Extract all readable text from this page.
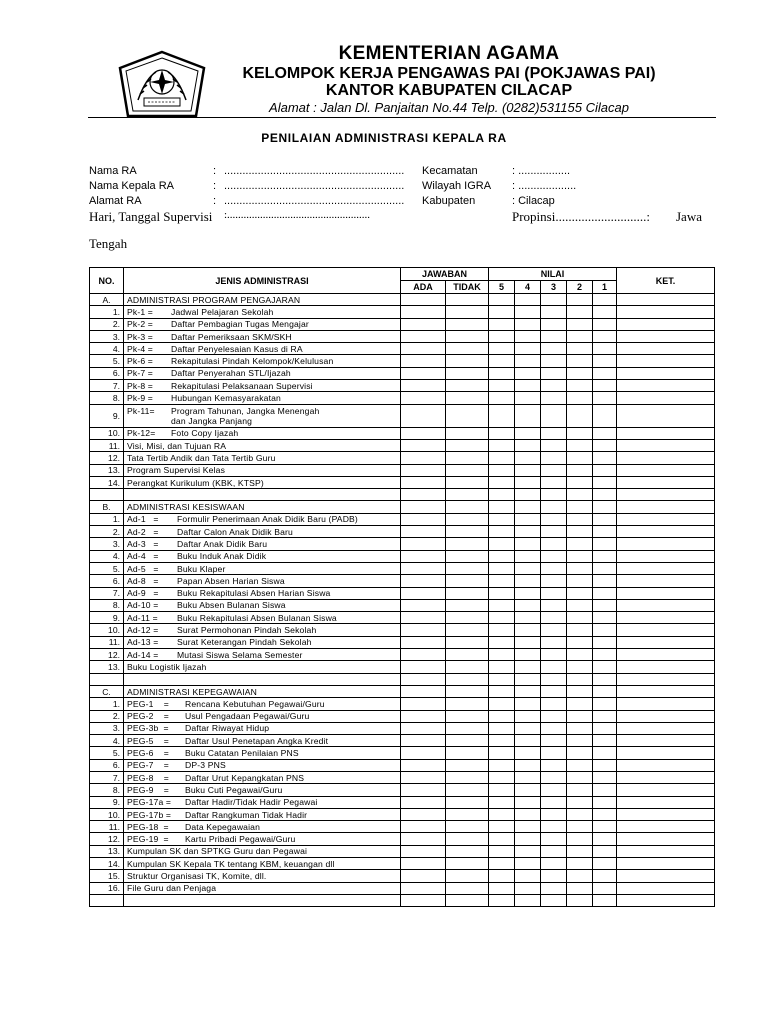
KEMENTERIAN AGAMA
KELOMPOK KERJA PENGAWAS PAI (POKJAWAS PAI)
KANTOR KABUPATEN CILACAP
Alamat : Jalan Dl. Panjaitan No.44 Telp. (0282)531155 Cilacap
PENILAIAN ADMINISTRASI KEPALA RA
Nama RA	: ...........................................................
Nama Kepala RA	: ...........................................................
Alamat RA	: ...........................................................
Hari, Tanggal Supervisi :....................................................
Kecamatan	: .................
Wilayah IGRA : ...................
Kabupaten	: Cilacap
Propinsi............................: Jawa
Tengah
NO.	JENIS ADMINISTRASI	JAWABAN		NILAI					KET.
		ADA	TIDAK	5	4	3	2	1	
A.	ADMINISTRASI PROGRAM PENGAJARAN								
1.	Pk-1 = Jadwal Pelajaran Sekolah								
2.	Pk-2 = Daftar Pembagian Tugas Mengajar								
3.	Pk-3 = Daftar Pemeriksaan SKM/SKH								
4.	Pk-4 = Daftar Penyelesaian Kasus di RA								
5.	Pk-6 = Rekapitulasi Pindah Kelompok/Kelulusan								
6.	Pk-7 = Daftar Penyerahan STL/Ijazah								
7.	Pk-8 = Rekapitulasi Pelaksanaan Supervisi								
8.	Pk-9 = Hubungan Kemasyarakatan								
9.	Pk-11= Program Tahunan, Jangka Menengah dan Jangka Panjang								
10.	Pk-12= Foto Copy Ijazah								
11.	Visi, Misi, dan Tujuan RA								
12.	Tata Tertib Andik dan Tata Tertib Guru								
13.	Program Supervisi Kelas								
14.	Perangkat Kurikulum (KBK, KTSP)								

B.	ADMINISTRASI KESISWAAN								
1.	Ad-1   = Formulir Penerimaan Anak Didik Baru (PADB)								
2.	Ad-2   = Daftar Calon Anak Didik Baru								
3.	Ad-3   = Daftar Anak Didik Baru								
4.	Ad-4   = Buku Induk Anak Didik								
5.	Ad-5   = Buku Klaper								
6.	Ad-8   = Papan Absen Harian Siswa								
7.	Ad-9   = Buku Rekapitulasi Absen Harian Siswa								
8.	Ad-10 = Buku Absen Bulanan Siswa								
9.	Ad-11 = Buku Rekapitulasi Absen Bulanan Siswa								
10.	Ad-12 = Surat Permohonan Pindah Sekolah								
11.	Ad-13 = Surat Keterangan Pindah Sekolah								
12.	Ad-14 = Mutasi Siswa Selama Semester								
13.	Buku Logistik Ijazah								

C.	ADMINISTRASI KEPEGAWAIAN								
1.	PEG-1    = Rencana Kebutuhan Pegawai/Guru								
2.	PEG-2    = Usul Pengadaan Pegawai/Guru								
3.	PEG-3b  = Daftar Riwayat Hidup								
4.	PEG-5    = Daftar Usul Penetapan Angka Kredit								
5.	PEG-6    = Buku Catatan Penilaian PNS								
6.	PEG-7    = DP-3 PNS								
7.	PEG-8    = Daftar Urut Kepangkatan PNS								
8.	PEG-9    = Buku Cuti Pegawai/Guru								
9.	PEG-17a = Daftar Hadir/Tidak Hadir Pegawai								
10.	PEG-17b = Daftar Rangkuman Tidak Hadir								
11.	PEG-18  = Data Kepegawaian								
12.	PEG-19  = Kartu Pribadi Pegawai/Guru								
13.	Kumpulan SK dan SPTKG Guru dan Pegawai								
14.	Kumpulan SK Kepala TK tentang KBM, keuangan dll								
15.	Struktur Organisasi TK, Komite, dll.								
16.	File Guru dan Penjaga								
